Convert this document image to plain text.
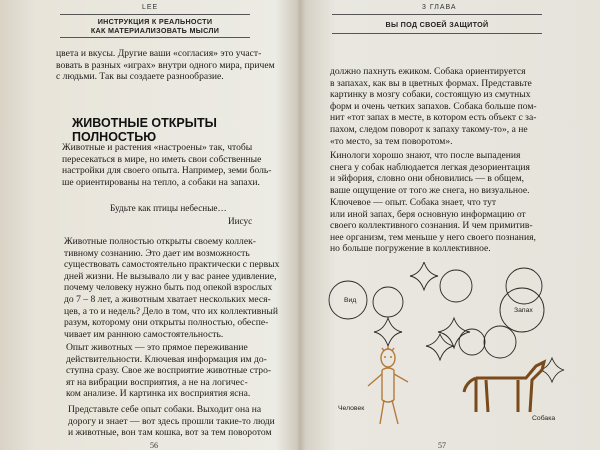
LEE
ИНСТРУКЦИЯ К РЕАЛЬНОСТИ
КАК МАТЕРИАЛИЗОВАТЬ МЫСЛИ
цвета и вкусы. Другие ваши «согласия» это участ-
вовать в разных «играх» внутри одного мира, причем
с людьми. Так вы создаете разнообразие.
ЖИВОТНЫЕ ОТКРЫТЫ ПОЛНОСТЬЮ
Животные и растения «настроены» так, чтобы
пересекаться в мире, но иметь свои собственные
настройки для своего опыта. Например, земи боль-
ше ориентированы на тепло, а собаки на запахи.
Будьте как птицы небесные…
Иисус
Животные полностью открыты своему коллек-
тивному сознанию. Это дает им возможность
существовать самостоятельно практически с первых
дней жизни. Не вызывало ли у вас ранее удивление,
почему человеку нужно быть под опекой взрослых
до 7 – 8 лет, а животным хватает нескольких меся-
цев, а то и недель? Дело в том, что их коллективный
разум, которому они открыты полностью, обеспе-
чивает им раннюю самостоятельность.
Опыт животных — это прямое переживание
действительности. Ключевая информация им до-
ступна сразу. Свое же восприятие животные стро-
ят на вибрации восприятия, а не на логичес-
ком анализе. И картинка их восприятия ясна.
Представьте себе опыт собаки. Выходит она на
дорогу и знает — вот здесь прошли такие-то люди
и животные, вон там кошка, вот за тем поворотом
56
3 ГЛАВА
ВЫ ПОД СВОЕЙ ЗАЩИТОЙ
должно пахнуть ежиком. Собака ориентируется
в запахах, как вы в цветных формах. Представьте
картинку в мозгу собаки, состоящую из смутных
форм и очень четких запахов. Собака больше пом-
нит «тот запах в месте, в котором есть объект с за-
пахом, следом поворот к запаху такому-то», а не
«то место, за тем поворотом».
Кинологи хорошо знают, что после выпадения
снега у собак наблюдается легкая дезориентация
и эйфория, словно они обновились — в общем,
ваше ощущение от того же снега, но визуальное.
Ключевое — опыт. Собака знает, что тут
или иной запах, беря основную информацию от
своего коллективного сознания. И чем примитив-
нее организм, тем меньше у него своего познания,
но больше погружение в коллективное.
Вид
Запах
Человек
Собака
57
